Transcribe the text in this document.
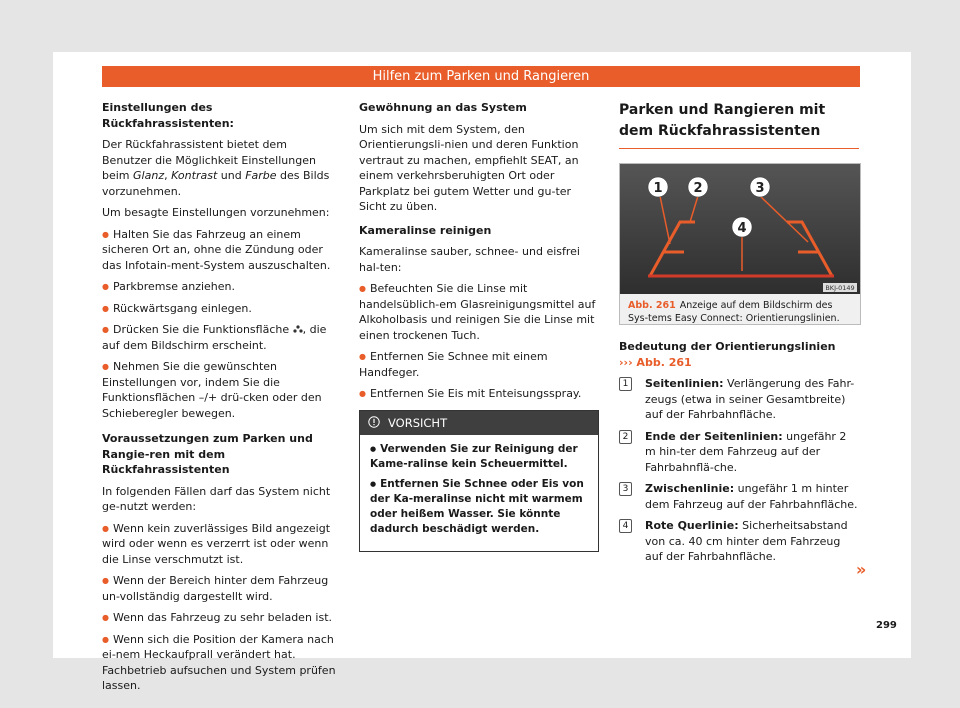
Hilfen zum Parken und Rangieren

Einstellungen des Rückfahrassistenten:

Der Rückfahrassistent bietet dem Benutzer die Möglichkeit Einstellungen beim Glanz, Kontrast und Farbe des Bilds vorzunehmen.

Um besagte Einstellungen vorzunehmen:

● Halten Sie das Fahrzeug an einem sicheren Ort an, ohne die Zündung oder das Infotain-ment-System auszuschalten.
● Parkbremse anziehen.
● Rückwärtsgang einlegen.
● Drücken Sie die Funktionsfläche , die auf dem Bildschirm erscheint.
● Nehmen Sie die gewünschten Einstellungen vor, indem Sie die Funktionsflächen –/+ drü-cken oder den Schieberegler bewegen.

Voraussetzungen zum Parken und Rangie-ren mit dem Rückfahrassistenten

In folgenden Fällen darf das System nicht ge-nutzt werden:

● Wenn kein zuverlässiges Bild angezeigt wird oder wenn es verzerrt ist oder wenn die Linse verschmutzt ist.
● Wenn der Bereich hinter dem Fahrzeug un-vollständig dargestellt wird.
● Wenn das Fahrzeug zu sehr beladen ist.
● Wenn sich die Position der Kamera nach ei-nem Heckaufprall verändert hat. Fachbetrieb aufsuchen und System prüfen lassen.

Gewöhnung an das System

Um sich mit dem System, den Orientierungsli-nien und deren Funktion vertraut zu machen, empfiehlt SEAT, an einem verkehrsberuhigten Ort oder Parkplatz bei gutem Wetter und gu-ter Sicht zu üben.

Kameralinse reinigen

Kameralinse sauber, schnee- und eisfrei hal-ten:

● Befeuchten Sie die Linse mit handelsüblich-em Glasreinigungsmittel auf Alkoholbasis und reinigen Sie die Linse mit einen trockenen Tuch.
● Entfernen Sie Schnee mit einem Handfeger.
● Entfernen Sie Eis mit Enteisungsspray.
VORSICHT
● Verwenden Sie zur Reinigung der Kame-ralinse kein Scheuermittel.
● Entfernen Sie Schnee oder Eis von der Ka-meralinse nicht mit warmem oder heißem Wasser. Sie könnte dadurch beschädigt werden.
Parken und Rangieren mit dem Rückfahrassistenten
1 2	3
4
BKJ-0149
Abb. 261 Anzeige auf dem Bildschirm des Sys-tems Easy Connect: Orientierungslinien.
Bedeutung der Orientierungslinien
››› Abb. 261
1	Seitenlinien: Verlängerung des Fahr-zeugs (etwa in seiner Gesamtbreite) auf der Fahrbahnfläche.
2	Ende der Seitenlinien: ungefähr 2 m hin-ter dem Fahrzeug auf der Fahrbahnflä-che.
3	Zwischenlinie: ungefähr 1 m hinter dem Fahrzeug auf der Fahrbahnfläche.
4	Rote Querlinie: Sicherheitsabstand von ca. 40 cm hinter dem Fahrzeug auf der Fahrbahnfläche.
»
299
